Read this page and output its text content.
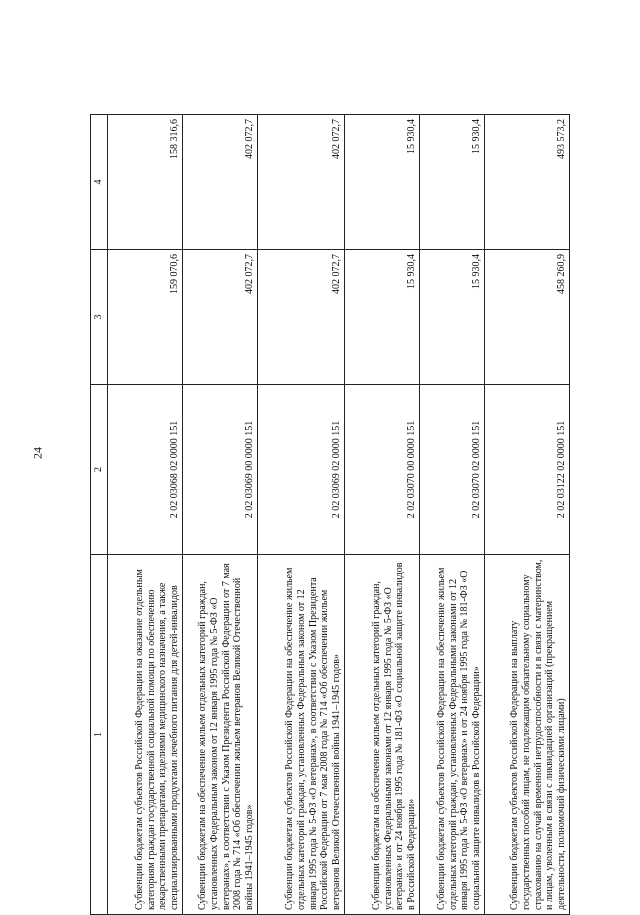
24
1	2	3	4
Субвенции бюджетам субъектов Российской Федерации на оказание отдельным категориям граждан государственной социальной помощи по обеспечению лекарственными препаратами, изделиями медицинского назначения, а также специализированными продуктами лечебного питания для детей-инвалидов	2 02 03068 02 0000 151	159 070,6	158 316,6
Субвенции бюджетам на обеспечение жильем отдельных категорий граждан, установленных Федеральным законом от 12 января 1995 года № 5-ФЗ «О ветеранах», в соответствии с Указом Президента Российской Федерации от 7 мая 2008 года № 714 «Об обеспечении жильем ветеранов Великой Отечественной войны 1941–1945 годов»	2 02 03069 00 0000 151	402 072,7	402 072,7
Субвенции бюджетам субъектов Российской Федерации на обеспечение жильем отдельных категорий граждан, установленных Федеральным законом от 12 января 1995 года № 5-ФЗ «О ветеранах», в соответствии с Указом Президента Российской Федерации от 7 мая 2008 года № 714 «Об обеспечении жильем ветеранов Великой Отечественной войны 1941–1945 годов»	2 02 03069 02 0000 151	402 072,7	402 072,7
Субвенции бюджетам на обеспечение жильем отдельных категорий граждан, установленных Федеральными законами от 12 января 1995 года № 5-ФЗ «О ветеранах» и от 24 ноября 1995 года № 181-ФЗ «О социальной защите инвалидов в Российской Федерации»	2 02 03070 00 0000 151	15 930,4	15 930,4
Субвенции бюджетам субъектов Российской Федерации на обеспечение жильем отдельных категорий граждан, установленных Федеральными законами от 12 января 1995 года № 5-ФЗ «О ветеранах» и от 24 ноября 1995 года № 181-ФЗ «О социальной защите инвалидов в Российской Федерации»	2 02 03070 02 0000 151	15 930,4	15 930,4
Субвенции бюджетам субъектов Российской Федерации на выплату государственных пособий лицам, не подлежащим обязательному социальному страхованию на случай временной нетрудоспособности и в связи с материнством, и лицам, уволенным в связи с ликвидацией организаций (прекращением деятельности, полномочий физическими лицами)	2 02 03122 02 0000 151	458 260,9	493 573,2
